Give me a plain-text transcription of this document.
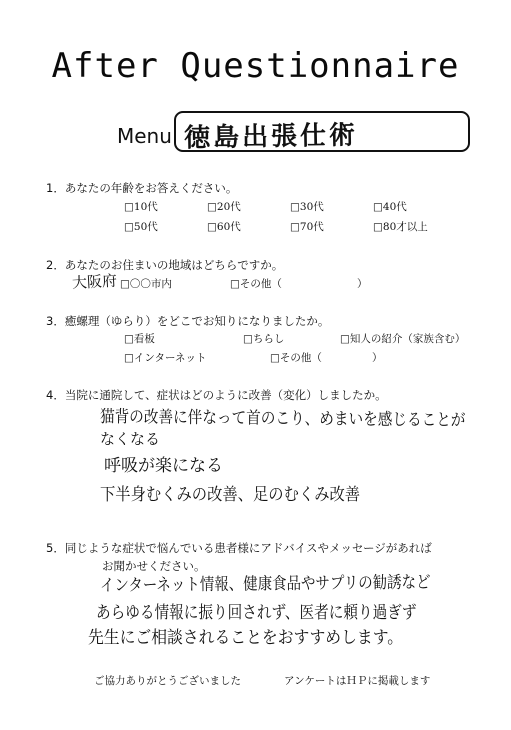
After Questionnaire
Menu 徳島出張仕術
1．あなたの年齢をお答えください。
□10代	□20代	□30代	□40代
□50代	□60代	□70代	□80才以上
2．あなたのお住まいの地域はどちらですか。
大阪府 □〇〇市内	□その他（	）
3．癒螺理（ゆらり）をどこでお知りになりましたか。
□看板	□ちらし	□知人の紹介（家族含む）
□インターネット	□その他（	）
4．当院に通院して、症状はどのように改善（変化）しましたか。
猫背の改善に伴なって首のこり、めまいを感じることが
なくなる
呼吸が楽になる
下半身むくみの改善、足のむくみ改善
5．同じような症状で悩んでいる患者様にアドバイスやメッセージがあれば
お聞かせください。
インターネット情報、健康食品やサプリの勧誘など
あらゆる情報に振り回されず、医者に頼り過ぎず
先生にご相談されることをおすすめします。
ご協力ありがとうございました	アンケートはＨＰに掲載します
